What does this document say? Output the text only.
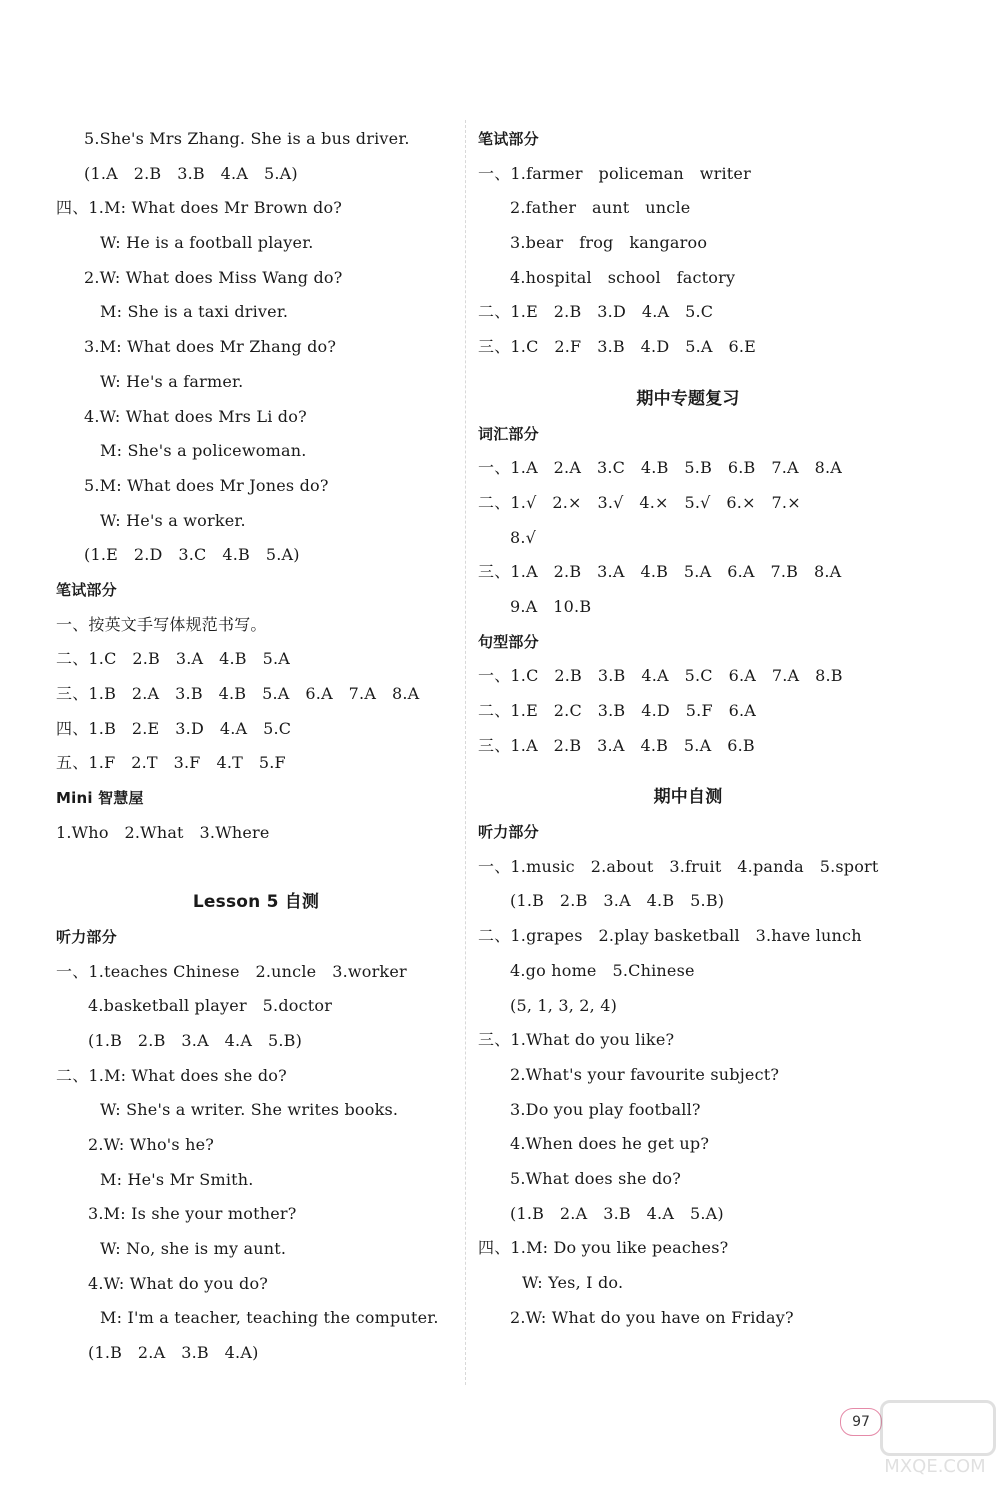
5.She's Mrs Zhang. She is a bus driver.
(1.A   2.B   3.B   4.A   5.A)
四、1.M: What does Mr Brown do?
W: He is a football player.
2.W: What does Miss Wang do?
M: She is a taxi driver.
3.M: What does Mr Zhang do?
W: He's a farmer.
4.W: What does Mrs Li do?
M: She's a policewoman.
5.M: What does Mr Jones do?
W: He's a worker.
(1.E   2.D   3.C   4.B   5.A)
笔试部分
一、按英文手写体规范书写。
二、1.C   2.B   3.A   4.B   5.A
三、1.B   2.A   3.B   4.B   5.A   6.A   7.A   8.A
四、1.B   2.E   3.D   4.A   5.C
五、1.F   2.T   3.F   4.T   5.F
Mini 智慧屋
1.Who   2.What   3.Where
Lesson 5 自测
听力部分
一、1.teaches Chinese   2.uncle   3.worker
4.basketball player   5.doctor
(1.B   2.B   3.A   4.A   5.B)
二、1.M: What does she do?
W: She's a writer. She writes books.
2.W: Who's he?
M: He's Mr Smith.
3.M: Is she your mother?
W: No, she is my aunt.
4.W: What do you do?
M: I'm a teacher, teaching the computer.
(1.B   2.A   3.B   4.A)
笔试部分
一、1.farmer   policeman   writer
2.father   aunt   uncle
3.bear   frog   kangaroo
4.hospital   school   factory
二、1.E   2.B   3.D   4.A   5.C
三、1.C   2.F   3.B   4.D   5.A   6.E
期中专题复习
词汇部分
一、1.A   2.A   3.C   4.B   5.B   6.B   7.A   8.A
二、1.√   2.×   3.√   4.×   5.√   6.×   7.×
8.√
三、1.A   2.B   3.A   4.B   5.A   6.A   7.B   8.A
9.A   10.B
句型部分
一、1.C   2.B   3.B   4.A   5.C   6.A   7.A   8.B
二、1.E   2.C   3.B   4.D   5.F   6.A
三、1.A   2.B   3.A   4.B   5.A   6.B
期中自测
听力部分
一、1.music   2.about   3.fruit   4.panda   5.sport
(1.B   2.B   3.A   4.B   5.B)
二、1.grapes   2.play basketball   3.have lunch
4.go home   5.Chinese
(5, 1, 3, 2, 4)
三、1.What do you like?
2.What's your favourite subject?
3.Do you play football?
4.When does he get up?
5.What does she do?
(1.B   2.A   3.B   4.A   5.A)
四、1.M: Do you like peaches?
W: Yes, I do.
2.W: What do you have on Friday?
97
MXQE.COM
